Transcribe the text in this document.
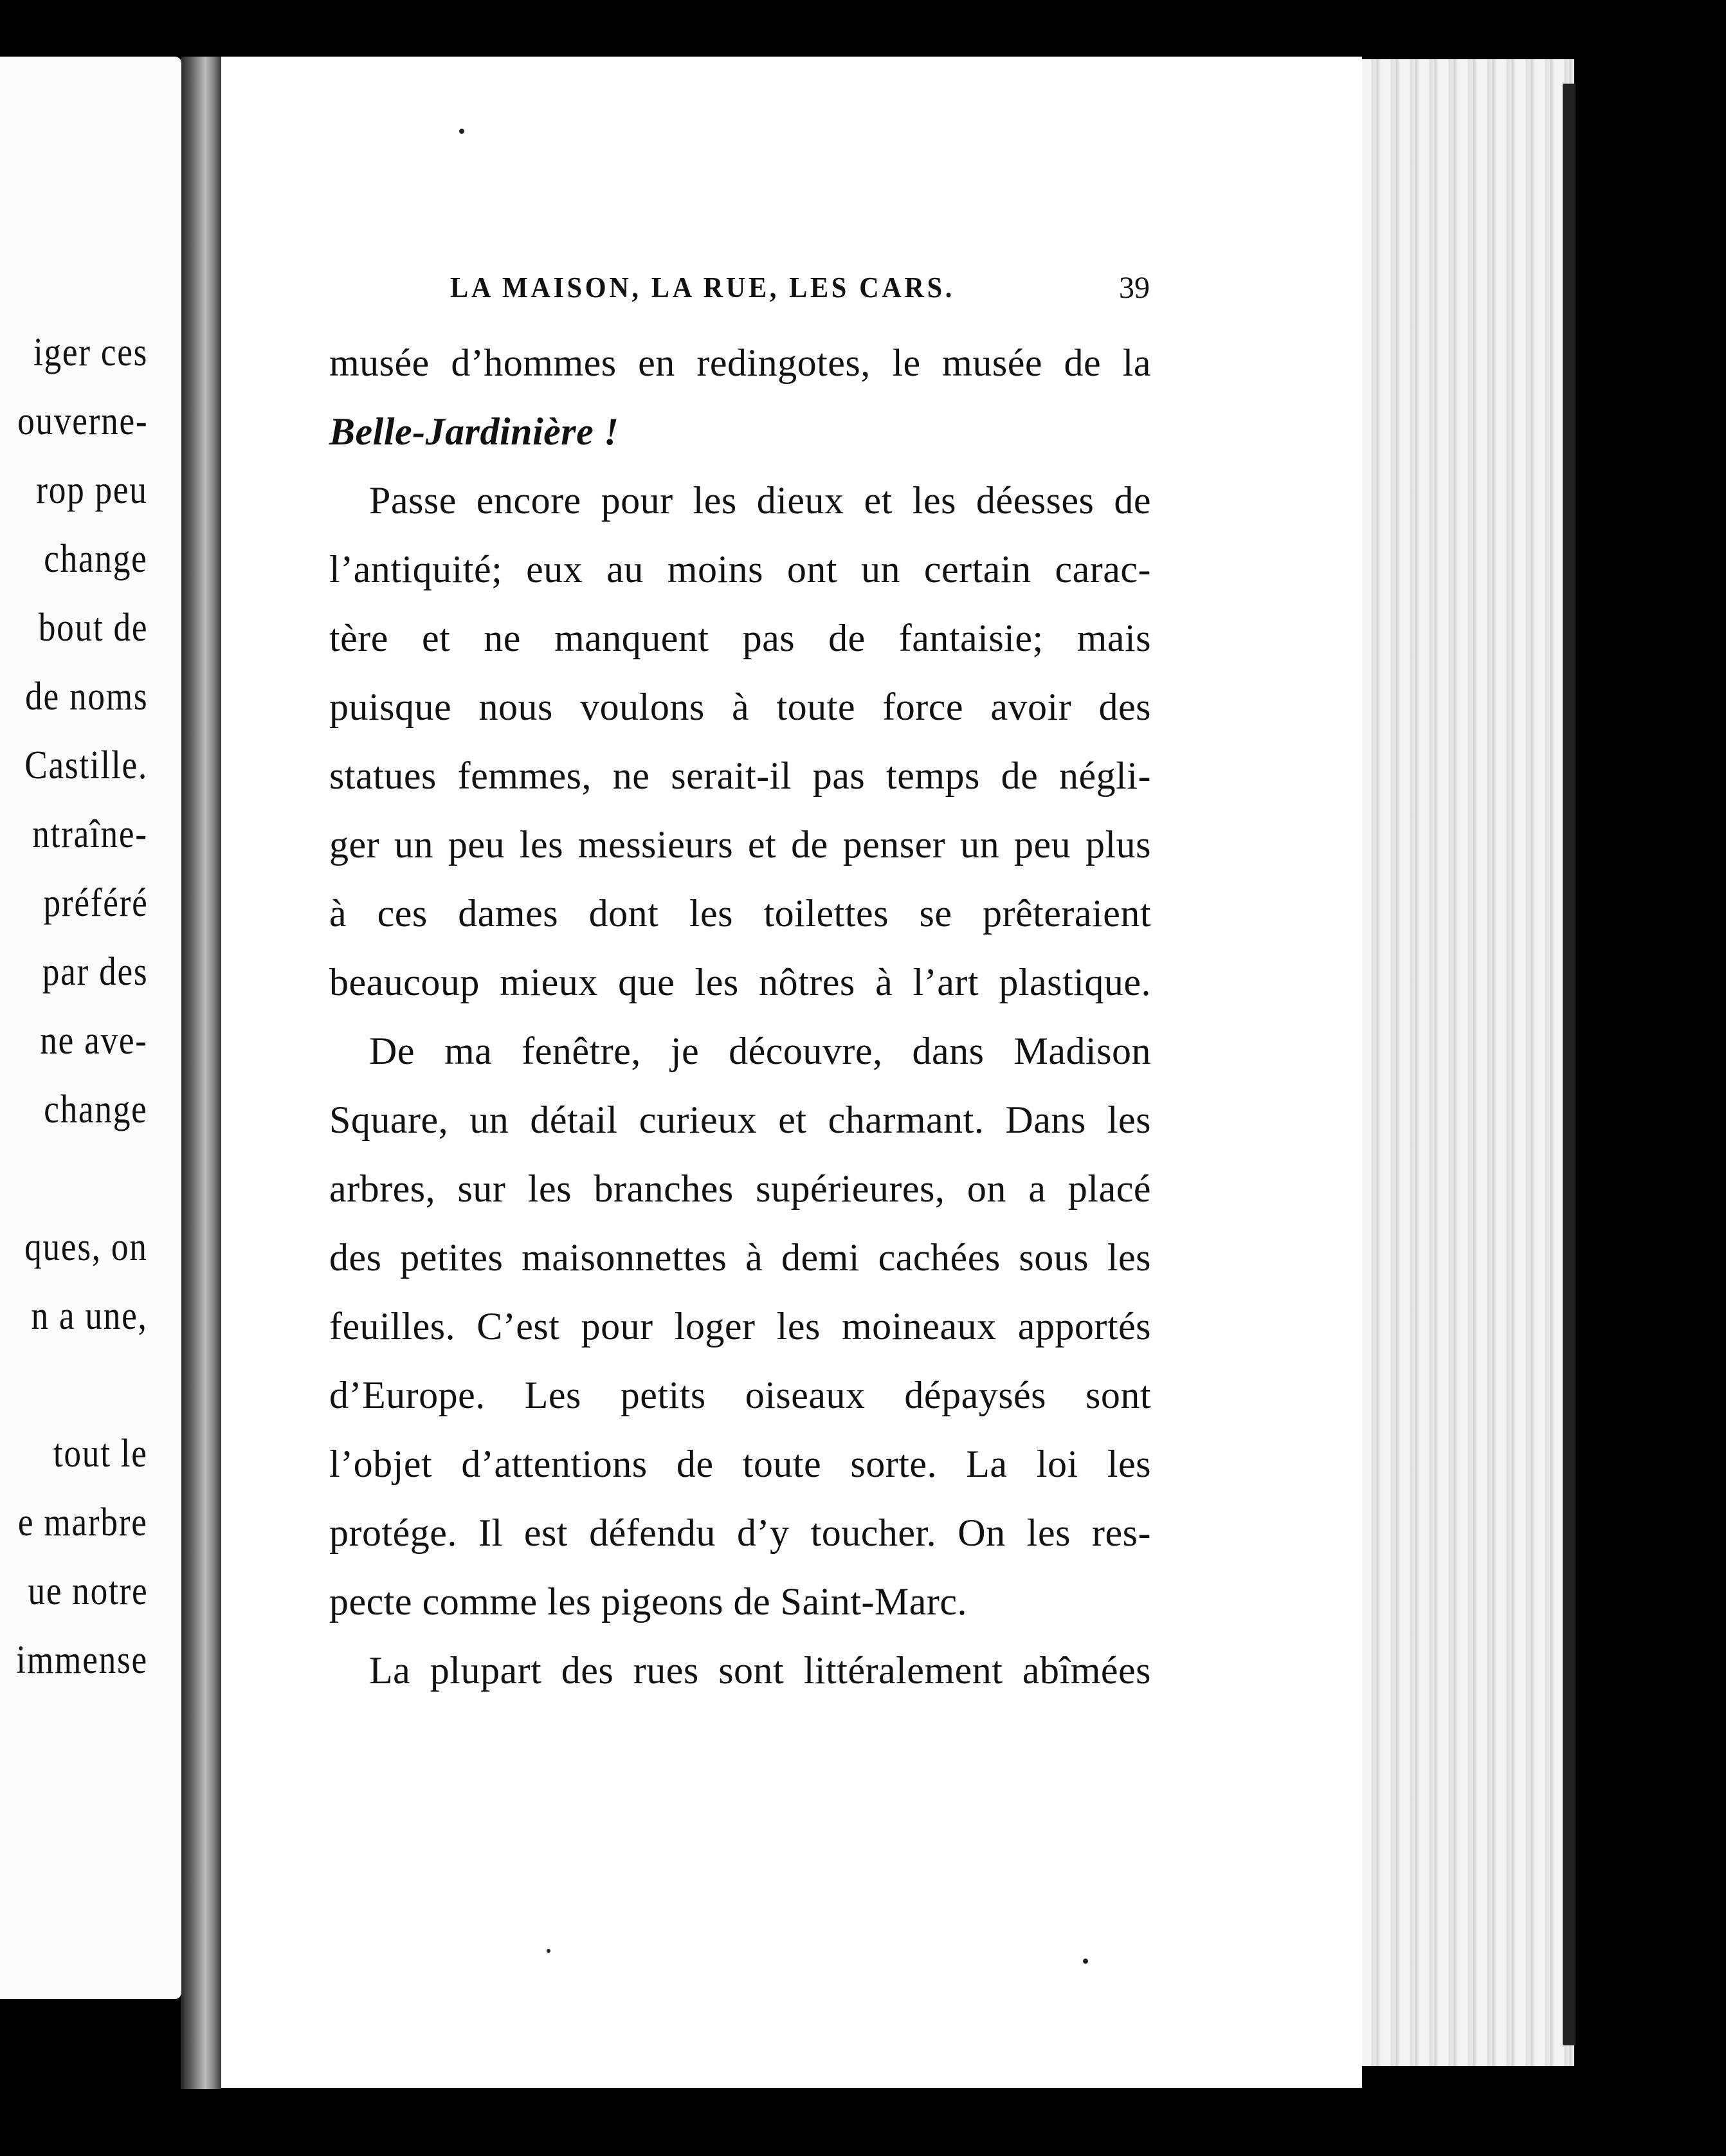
iger ces
ouverne-
rop peu
change
bout de
de noms
Castille.
ntraîne-
préféré
par des
ne ave-
change
ques, on
n a une,
tout le
e marbre
ue notre
immense
LA MAISON, LA RUE, LES CARS.	39
musée d’hommes en redingotes, le musée de la
Belle-Jardinière !
Passe encore pour les dieux et les déesses de
l’antiquité; eux au moins ont un certain carac-
tère et ne manquent pas de fantaisie; mais
puisque nous voulons à toute force avoir des
statues femmes, ne serait-il pas temps de négli-
ger un peu les messieurs et de penser un peu plus
à ces dames dont les toilettes se prêteraient
beaucoup mieux que les nôtres à l’art plastique.
De ma fenêtre, je découvre, dans Madison
Square, un détail curieux et charmant. Dans les
arbres, sur les branches supérieures, on a placé
des petites maisonnettes à demi cachées sous les
feuilles. C’est pour loger les moineaux apportés
d’Europe. Les petits oiseaux dépaysés sont
l’objet d’attentions de toute sorte. La loi les
protége. Il est défendu d’y toucher. On les res-
pecte comme les pigeons de Saint-Marc.
La plupart des rues sont littéralement abîmées
